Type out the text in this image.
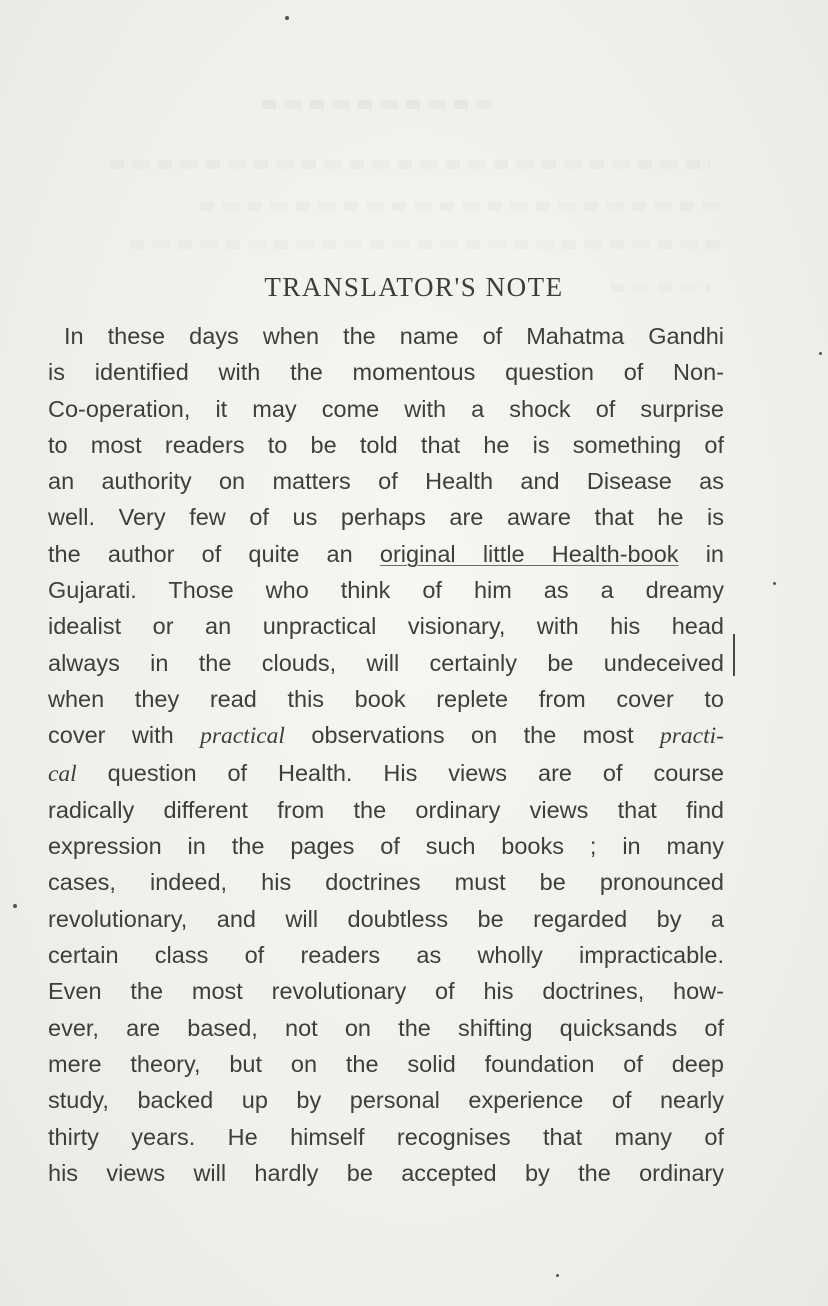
TRANSLATOR'S NOTE
In these days when the name of Mahatma Gandhi
is identified with the momentous question of Non-
Co-operation, it may come with a shock of surprise
to most readers to be told that he is something of
an authority on matters of Health and Disease as
well. Very few of us perhaps are aware that he is
the author of quite an original little Health-book in
Gujarati. Those who think of him as a dreamy
idealist or an unpractical visionary, with his head
always in the clouds, will certainly be undeceived
when they read this book replete from cover to
cover with practical observations on the most practi-
cal question of Health. His views are of course
radically different from the ordinary views that find
expression in the pages of such books ; in many
cases, indeed, his doctrines must be pronounced
revolutionary, and will doubtless be regarded by a
certain class of readers as wholly impracticable.
Even the most revolutionary of his doctrines, how-
ever, are based, not on the shifting quicksands of
mere theory, but on the solid foundation of deep
study, backed up by personal experience of nearly
thirty years. He himself recognises that many of
his views will hardly be accepted by the ordinary
